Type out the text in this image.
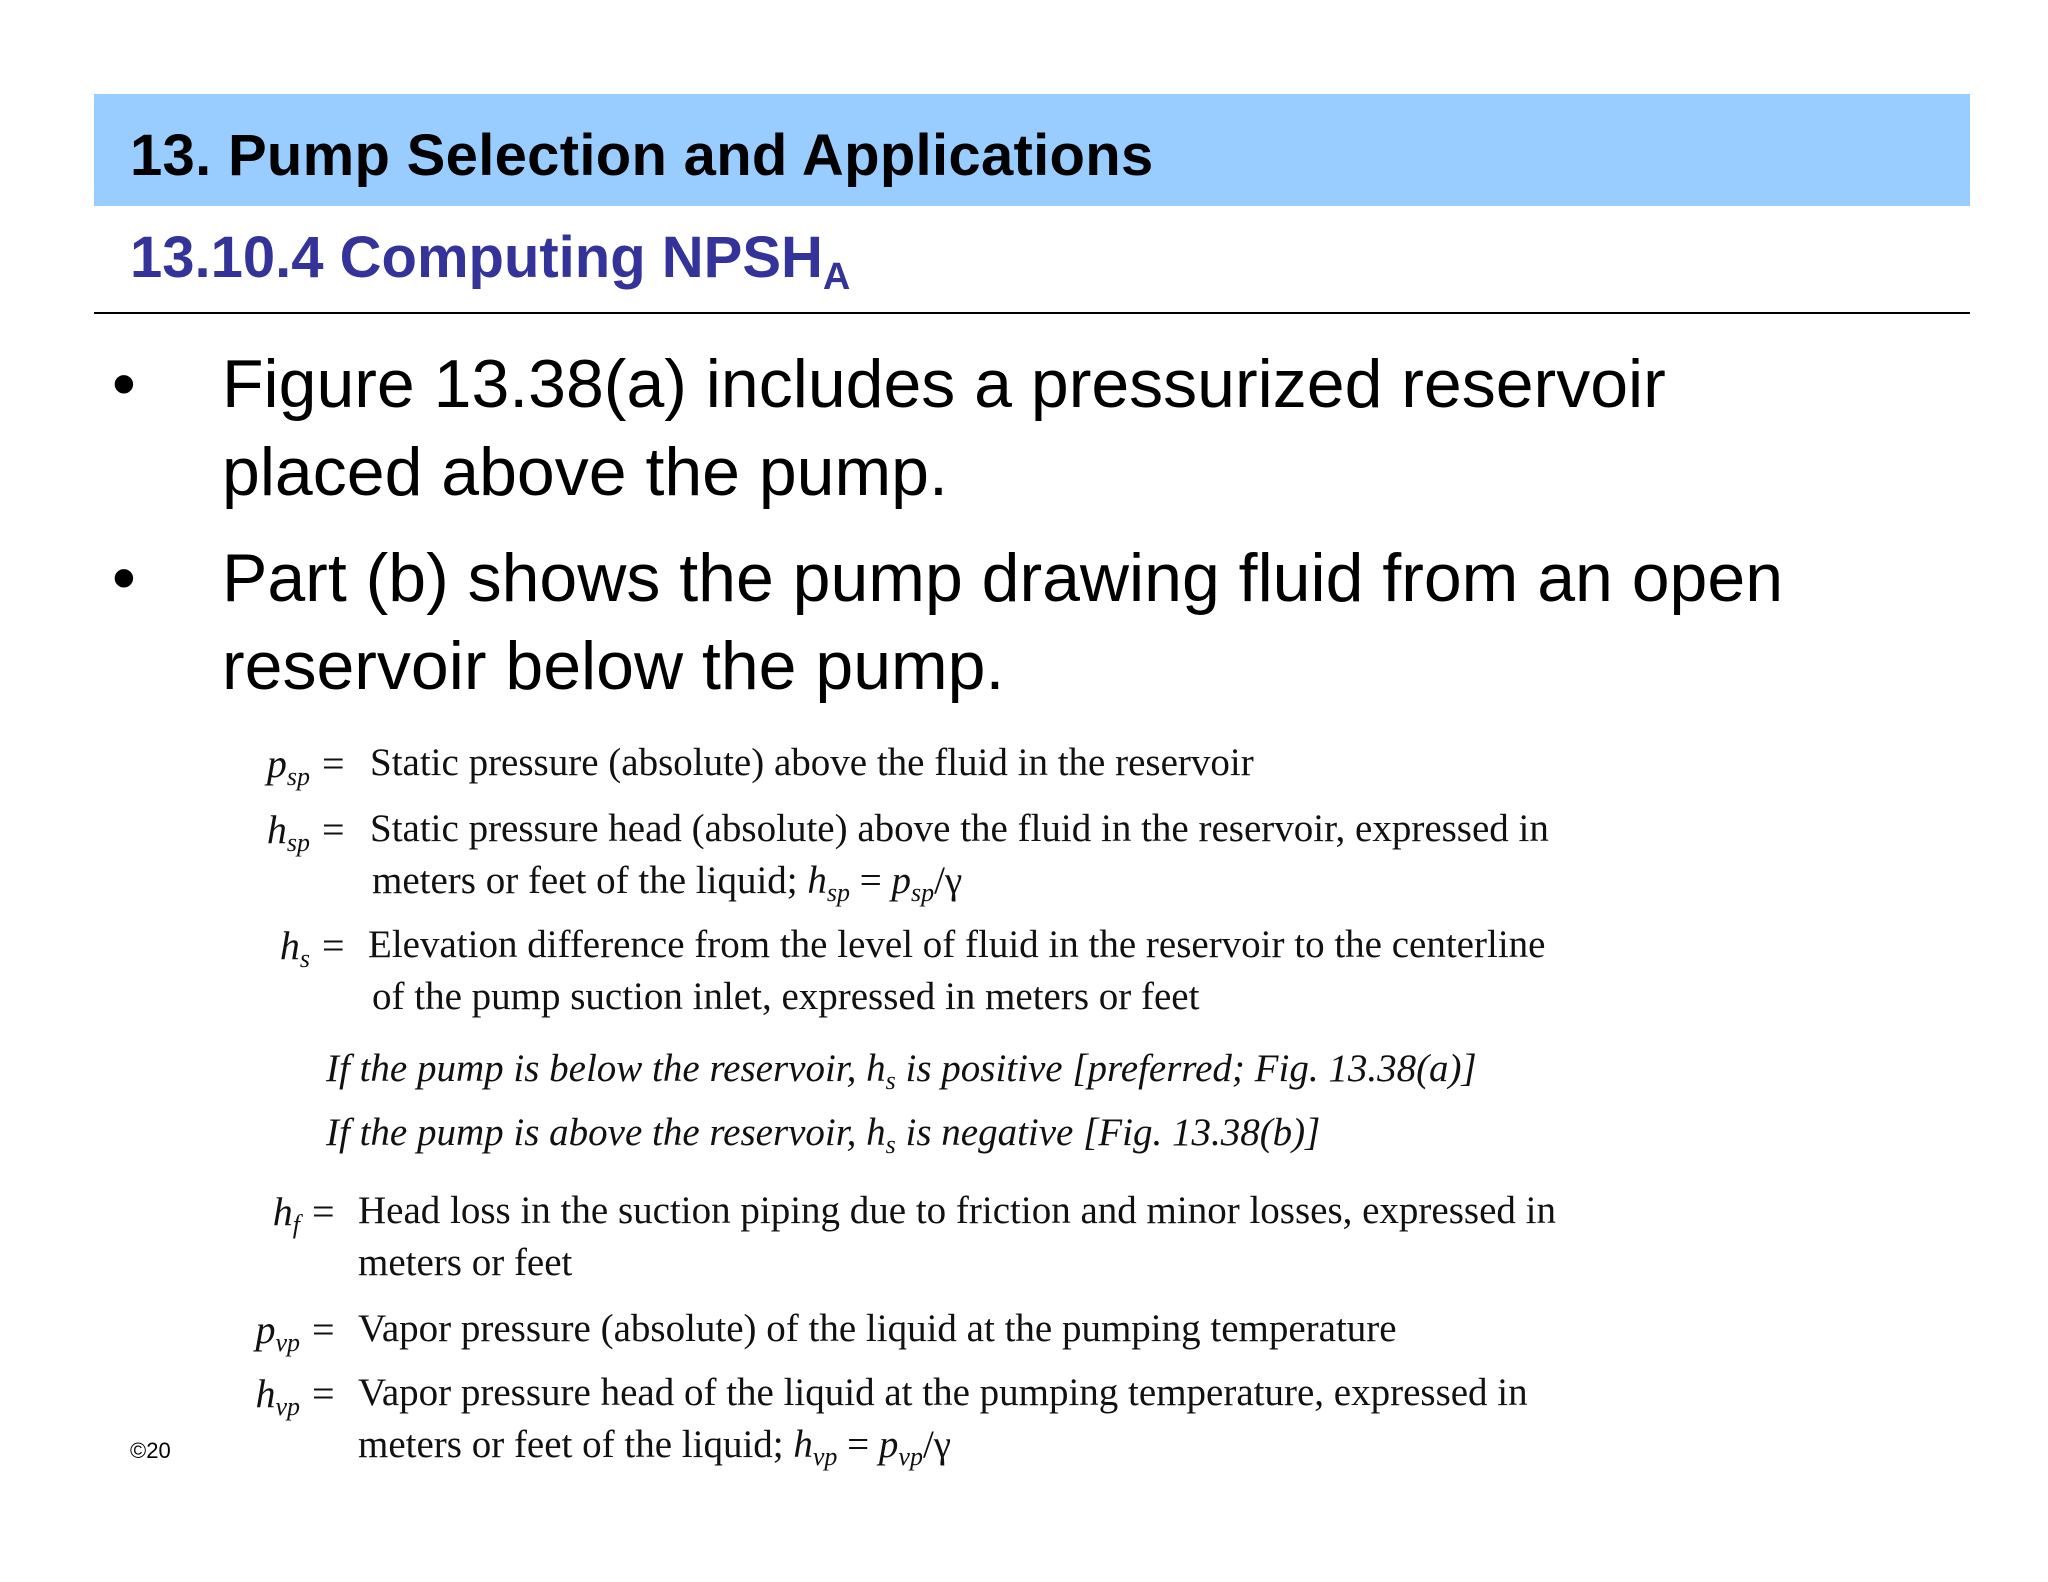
13. Pump Selection and Applications
13.10.4 Computing $NPSH_A$
• Figure 13.38(a) includes a pressurized reservoir
placed above the pump.
• Part (b) shows the pump drawing fluid from an open
reservoir below the pump.
$p_{sp}$ = Static pressure (absolute) above the fluid in the reservoir
$h_{sp}$ = Static pressure head (absolute) above the fluid in the reservoir, expressed in
meters or feet of the liquid; $h_{sp} = p_{sp}/\gamma$
$h_s$ = Elevation difference from the level of fluid in the reservoir to the centerline
of the pump suction inlet, expressed in meters or feet
If the pump is below the reservoir, $h_s$ is positive [preferred; Fig. 13.38(a)]
If the pump is above the reservoir, $h_s$ is negative [Fig. 13.38(b)]
$h_f$ = Head loss in the suction piping due to friction and minor losses, expressed in
meters or feet
$p_{vp}$ = Vapor pressure (absolute) of the liquid at the pumping temperature
$h_{vp}$ = Vapor pressure head of the liquid at the pumping temperature, expressed in
meters or feet of the liquid; $h_{vp} = p_{vp}/\gamma$
©20
